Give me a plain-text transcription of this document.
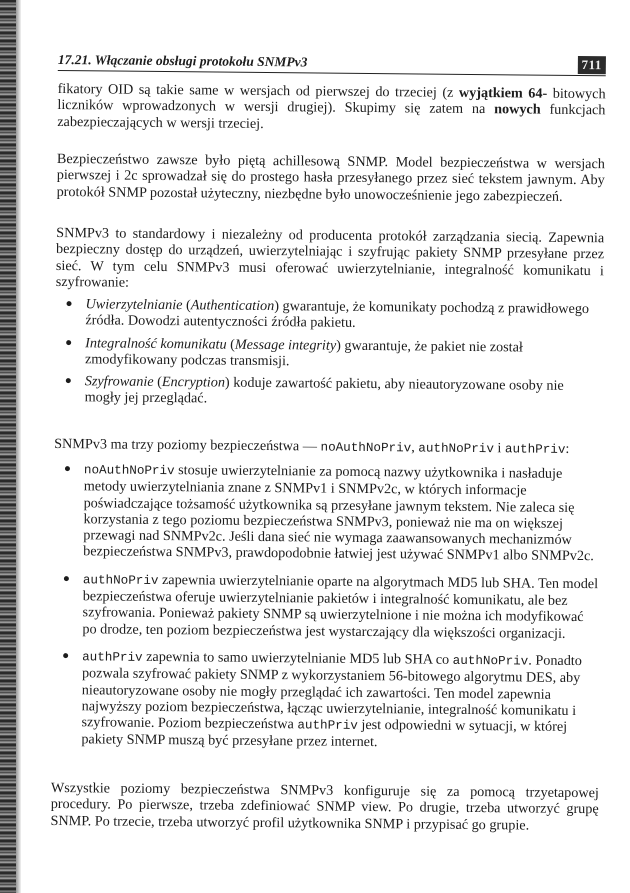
17.21. Włączanie obsługi protokołu SNMPv3	711

fikatory OID są takie same w wersjach od pierwszej do trzeciej (z wyjątkiem 64- bitowych liczników wprowadzonych w wersji drugiej). Skupimy się zatem na nowych funkcjach zabezpieczających w wersji trzeciej.

Bezpieczeństwo zawsze było piętą achillesową SNMP. Model bezpieczeństwa w wersjach pierwszej i 2c sprowadzał się do prostego hasła przesyłanego przez sieć tekstem jawnym. Aby protokół SNMP pozostał użyteczny, niezbędne było unowocześnienie jego zabezpieczeń.

SNMPv3 to standardowy i niezależny od producenta protokół zarządzania siecią. Zapewnia bezpieczny dostęp do urządzeń, uwierzytelniając i szyfrując pakiety SNMP przesyłane przez sieć. W tym celu SNMPv3 musi oferować uwierzytelnianie, integralność komunikatu i szyfrowanie:

Uwierzytelnianie (Authentication) gwarantuje, że komunikaty pochodzą z prawidłowego źródła. Dowodzi autentyczności źródła pakietu.

Integralność komunikatu (Message integrity) gwarantuje, że pakiet nie został zmodyfikowany podczas transmisji.

Szyfrowanie (Encryption) koduje zawartość pakietu, aby nieautoryzowane osoby nie mogły jej przeglądać.

SNMPv3 ma trzy poziomy bezpieczeństwa — noAuthNoPriv, authNoPriv i authPriv:

noAuthNoPriv stosuje uwierzytelnianie za pomocą nazwy użytkownika i nasładuje metody uwierzytelniania znane z SNMPv1 i SNMPv2c, w których informacje poświadczające tożsamość użytkownika są przesyłane jawnym tekstem. Nie zaleca się korzystania z tego poziomu bezpieczeństwa SNMPv3, ponieważ nie ma on większej przewagi nad SNMPv2c. Jeśli dana sieć nie wymaga zaawansowanych mechanizmów bezpieczeństwa SNMPv3, prawdopodobnie łatwiej jest używać SNMPv1 albo SNMPv2c.

authNoPriv zapewnia uwierzytelnianie oparte na algorytmach MD5 lub SHA. Ten model bezpieczeństwa oferuje uwierzytelnianie pakietów i integralność komunikatu, ale bez szyfrowania. Ponieważ pakiety SNMP są uwierzytelnione i nie można ich modyfikować po drodze, ten poziom bezpieczeństwa jest wystarczający dla większości organizacji.

authPriv zapewnia to samo uwierzytelnianie MD5 lub SHA co authNoPriv. Ponadto pozwala szyfrować pakiety SNMP z wykorzystaniem 56-bitowego algorytmu DES, aby nieautoryzowane osoby nie mogły przeglądać ich zawartości. Ten model zapewnia najwyższy poziom bezpieczeństwa, łącząc uwierzytelnianie, integralność komunikatu i szyfrowanie. Poziom bezpieczeństwa authPriv jest odpowiedni w sytuacji, w której pakiety SNMP muszą być przesyłane przez internet.

Wszystkie poziomy bezpieczeństwa SNMPv3 konfiguruje się za pomocą trzyetapowej procedury. Po pierwsze, trzeba zdefiniować SNMP view. Po drugie, trzeba utworzyć grupę SNMP. Po trzecie, trzeba utworzyć profil użytkownika SNMP i przypisać go grupie.
